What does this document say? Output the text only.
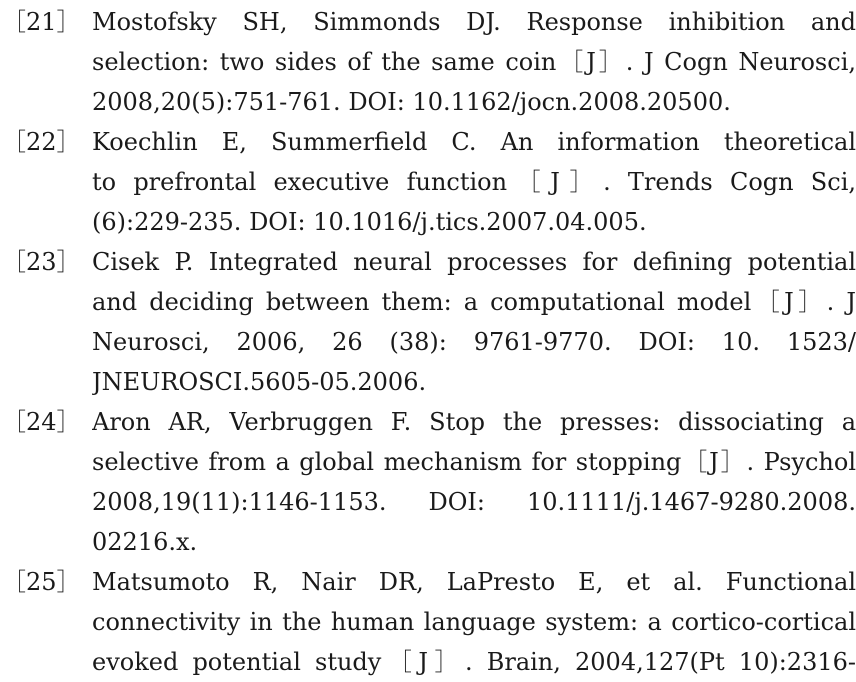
［21］ Mostofsky SH, Simmonds DJ. Response inhibition and
selection: two sides of the same coin［J］. J Cogn Neurosci,
2008,20(5):751-761. DOI: 10.1162/jocn.2008.20500.
［22］ Koechlin E, Summerfield C. An information theoretical
to prefrontal executive function［J］. Trends Cogn Sci,
(6):229-235. DOI: 10.1016/j.tics.2007.04.005.
［23］ Cisek P. Integrated neural processes for defining potential
and deciding between them: a computational model［J］. J
Neurosci, 2006, 26 (38): 9761-9770. DOI: 10. 1523/
JNEUROSCI.5605-05.2006.
［24］ Aron AR, Verbruggen F. Stop the presses: dissociating a
selective from a global mechanism for stopping［J］. Psychol
2008,19(11):1146-1153. DOI: 10.1111/j.1467-9280.2008.
02216.x.
［25］ Matsumoto R, Nair DR, LaPresto E, et al. Functional
connectivity in the human language system: a cortico-cortical
evoked potential study［J］. Brain, 2004,127(Pt 10):2316-
